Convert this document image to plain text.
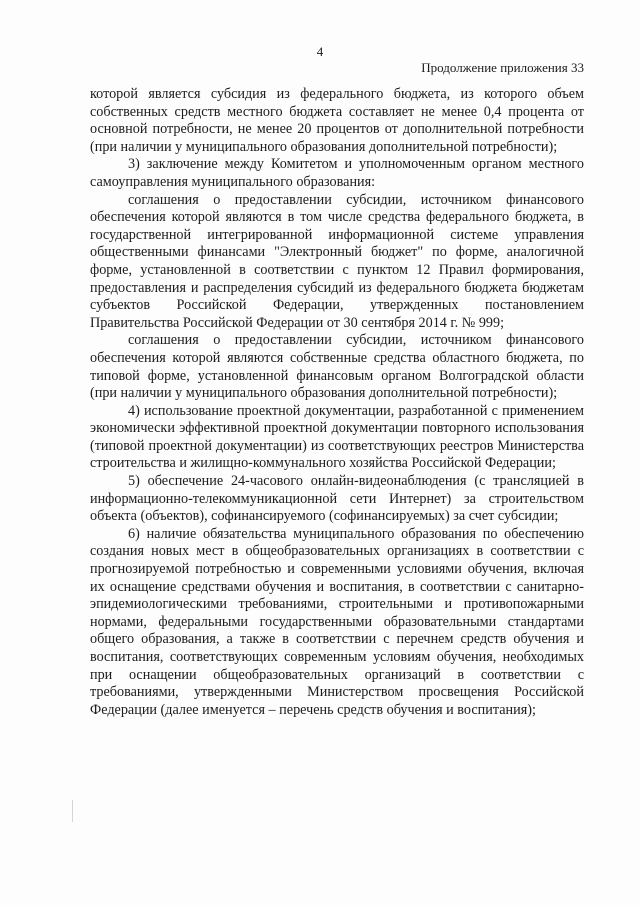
4
Продолжение приложения 33

которой является субсидия из федерального бюджета, из которого объем собственных средств местного бюджета составляет не менее 0,4 процента от основной потребности, не менее 20 процентов от дополнительной потребности (при наличии у муниципального образования дополнительной потребности);

3) заключение между Комитетом и уполномоченным органом местного самоуправления муниципального образования:

соглашения о предоставлении субсидии, источником финансового обеспечения которой являются в том числе средства федерального бюджета, в государственной интегрированной информационной системе управления общественными финансами "Электронный бюджет" по форме, аналогичной форме, установленной в соответствии с пунктом 12 Правил формирования, предоставления и распределения субсидий из федерального бюджета бюджетам субъектов Российской Федерации, утвержденных постановлением Правительства Российской Федерации от 30 сентября 2014 г. № 999;

соглашения о предоставлении субсидии, источником финансового обеспечения которой являются собственные средства областного бюджета, по типовой форме, установленной финансовым органом Волгоградской области (при наличии у муниципального образования дополнительной потребности);

4) использование проектной документации, разработанной с применением экономически эффективной проектной документации повторного использования (типовой проектной документации) из соответствующих реестров Министерства строительства и жилищно-коммунального хозяйства Российской Федерации;

5) обеспечение 24-часового онлайн-видеонаблюдения (с трансляцией в информационно-телекоммуникационной сети Интернет) за строительством объекта (объектов), софинансируемого (софинансируемых) за счет субсидии;

6) наличие обязательства муниципального образования по обеспечению создания новых мест в общеобразовательных организациях в соответствии с прогнозируемой потребностью и современными условиями обучения, включая их оснащение средствами обучения и воспитания, в соответствии с санитарно-эпидемиологическими требованиями, строительными и противопожарными нормами, федеральными государственными образовательными стандартами общего образования, а также в соответствии с перечнем средств обучения и воспитания, соответствующих современным условиям обучения, необходимых при оснащении общеобразовательных организаций в соответствии с требованиями, утвержденными Министерством просвещения Российской Федерации (далее именуется – перечень средств обучения и воспитания);
